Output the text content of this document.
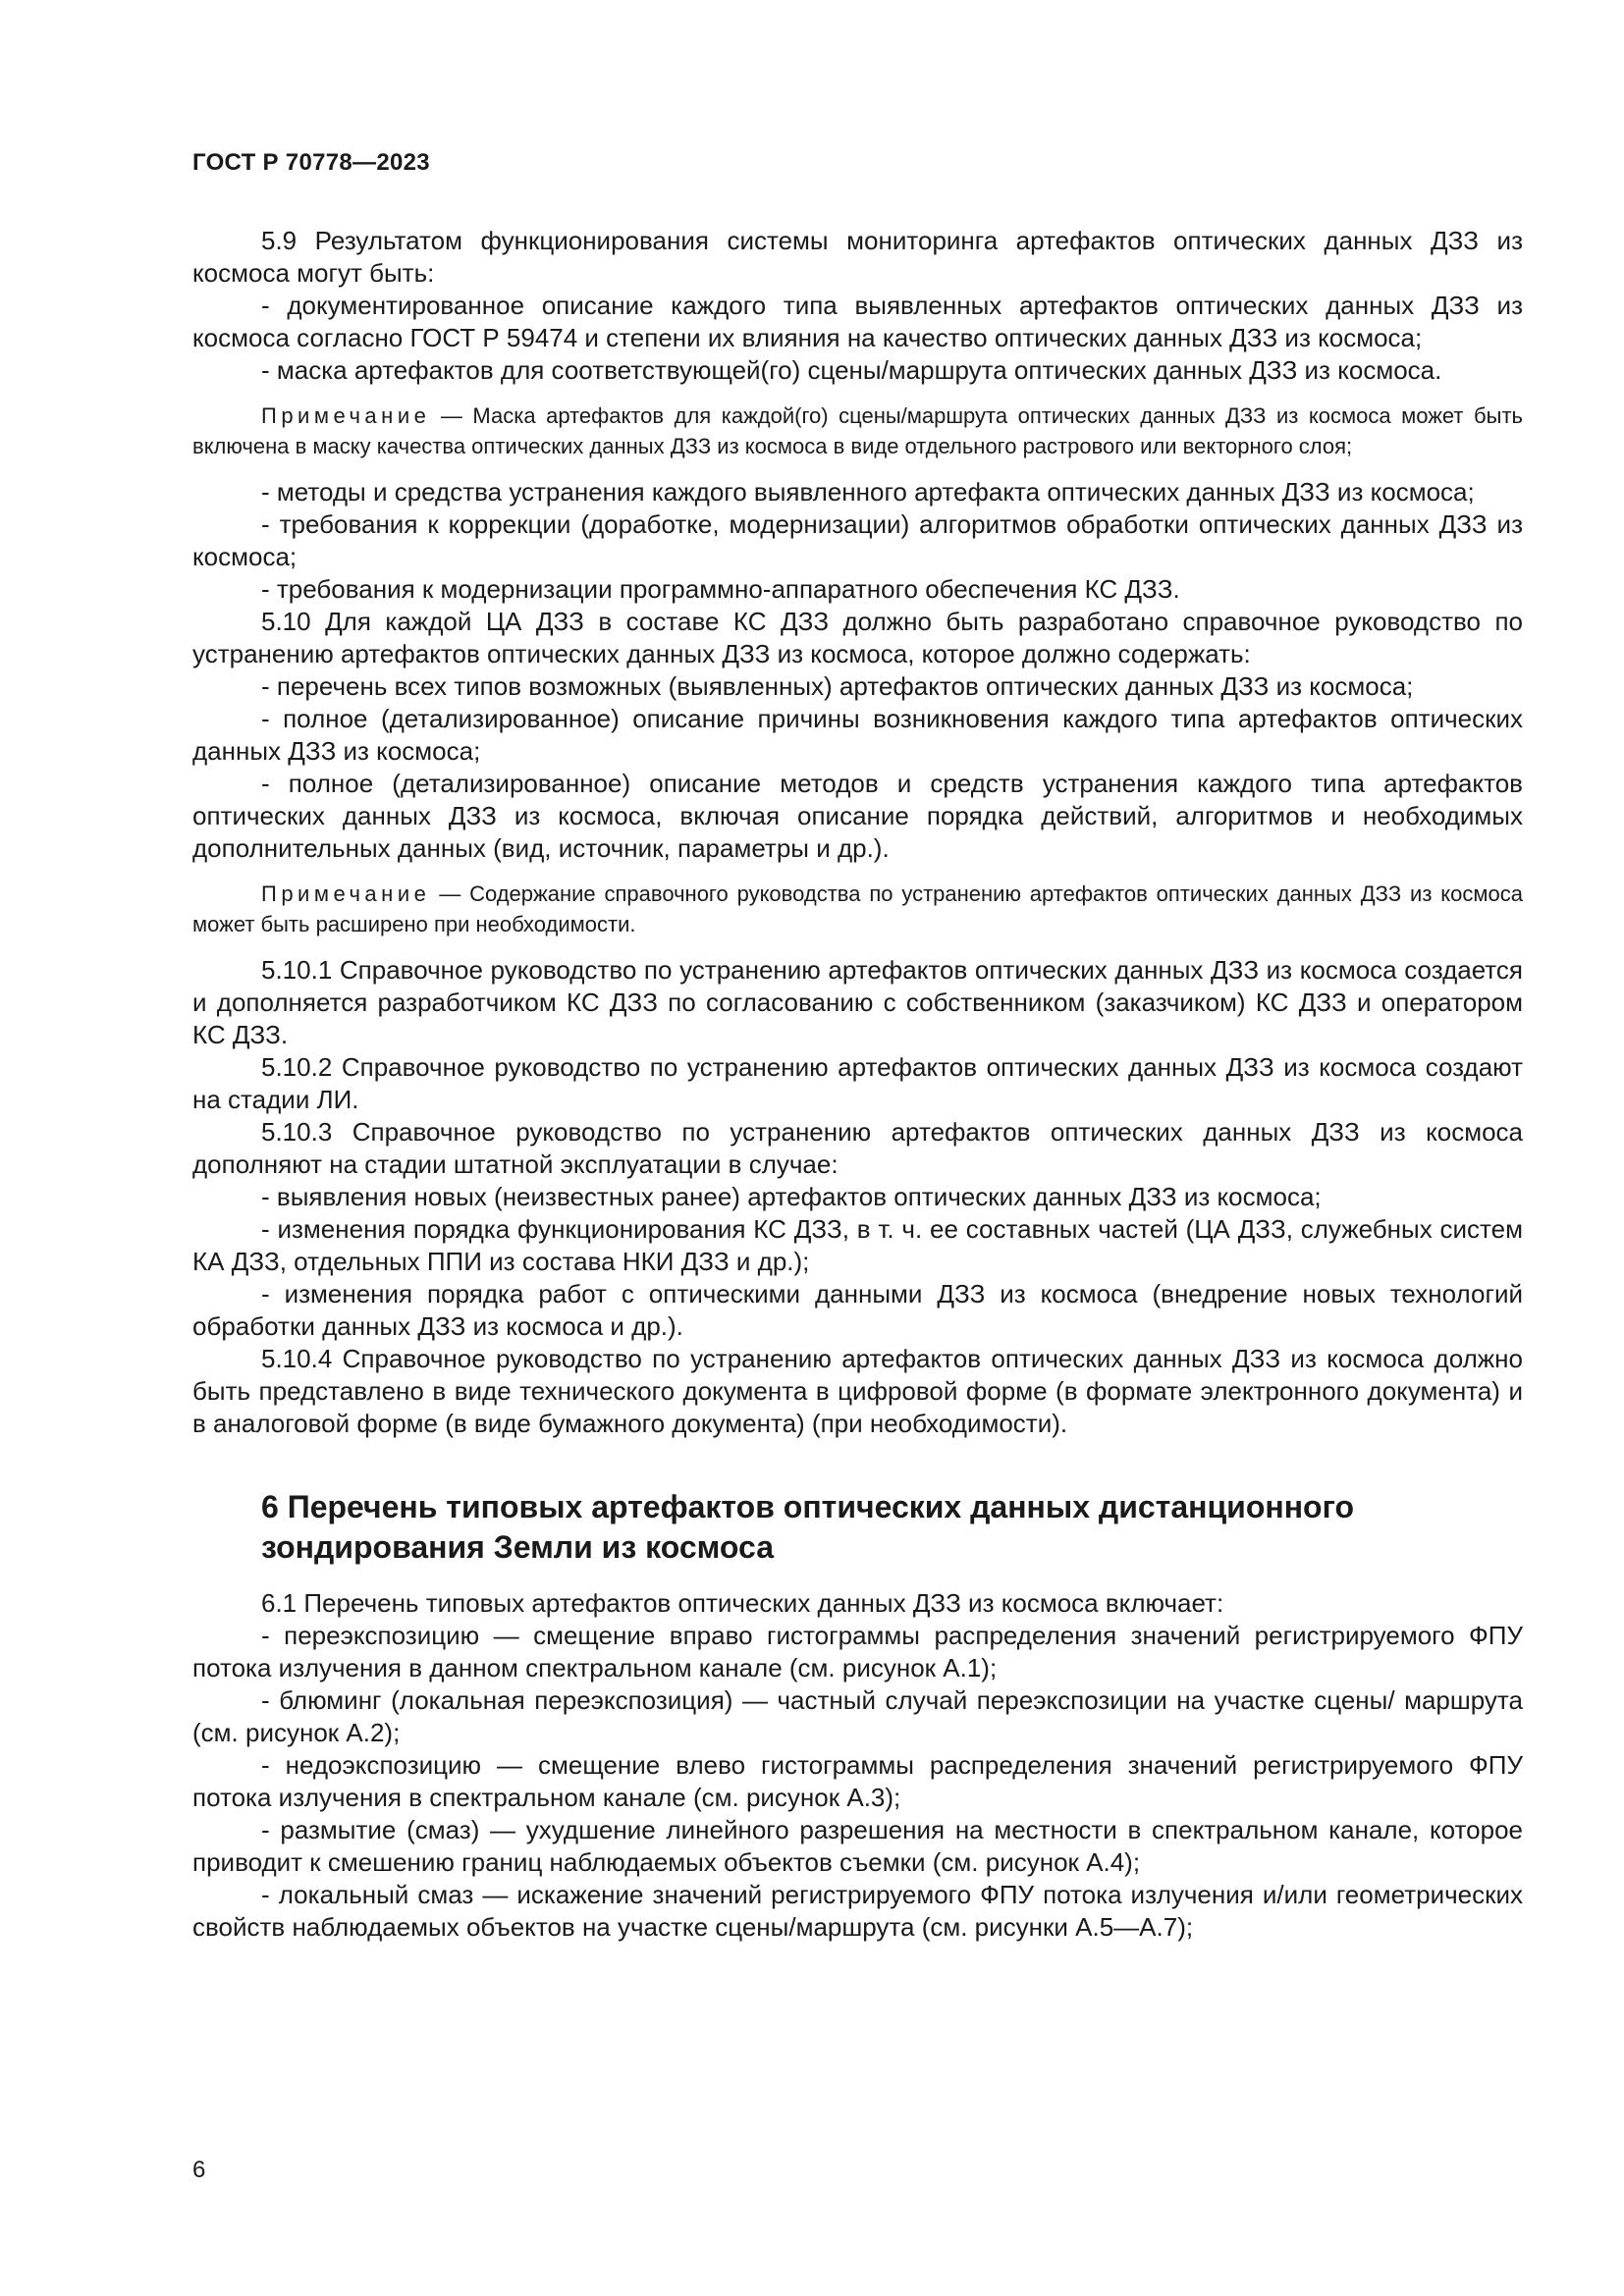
ГОСТ Р 70778—2023

5.9 Результатом функционирования системы мониторинга артефактов оптических данных ДЗЗ из космоса могут быть:

- документированное описание каждого типа выявленных артефактов оптических данных ДЗЗ из космоса согласно ГОСТ Р 59474 и степени их влияния на качество оптических данных ДЗЗ из космоса;

- маска артефактов для соответствующей(го) сцены/маршрута оптических данных ДЗЗ из космоса.

Примечание — Маска артефактов для каждой(го) сцены/маршрута оптических данных ДЗЗ из космоса может быть включена в маску качества оптических данных ДЗЗ из космоса в виде отдельного растрового или векторного слоя;

- методы и средства устранения каждого выявленного артефакта оптических данных ДЗЗ из космоса;

- требования к коррекции (доработке, модернизации) алгоритмов обработки оптических данных ДЗЗ из космоса;

- требования к модернизации программно-аппаратного обеспечения КС ДЗЗ.

5.10 Для каждой ЦА ДЗЗ в составе КС ДЗЗ должно быть разработано справочное руководство по устранению артефактов оптических данных ДЗЗ из космоса, которое должно содержать:

- перечень всех типов возможных (выявленных) артефактов оптических данных ДЗЗ из космоса;

- полное (детализированное) описание причины возникновения каждого типа артефактов оптических данных ДЗЗ из космоса;

- полное (детализированное) описание методов и средств устранения каждого типа артефактов оптических данных ДЗЗ из космоса, включая описание порядка действий, алгоритмов и необходимых дополнительных данных (вид, источник, параметры и др.).

Примечание — Содержание справочного руководства по устранению артефактов оптических данных ДЗЗ из космоса может быть расширено при необходимости.

5.10.1 Справочное руководство по устранению артефактов оптических данных ДЗЗ из космоса создается и дополняется разработчиком КС ДЗЗ по согласованию с собственником (заказчиком) КС ДЗЗ и оператором КС ДЗЗ.

5.10.2 Справочное руководство по устранению артефактов оптических данных ДЗЗ из космоса создают на стадии ЛИ.

5.10.3 Справочное руководство по устранению артефактов оптических данных ДЗЗ из космоса дополняют на стадии штатной эксплуатации в случае:

- выявления новых (неизвестных ранее) артефактов оптических данных ДЗЗ из космоса;

- изменения порядка функционирования КС ДЗЗ, в т. ч. ее составных частей (ЦА ДЗЗ, служебных систем КА ДЗЗ, отдельных ППИ из состава НКИ ДЗЗ и др.);

- изменения порядка работ с оптическими данными ДЗЗ из космоса (внедрение новых технологий обработки данных ДЗЗ из космоса и др.).

5.10.4 Справочное руководство по устранению артефактов оптических данных ДЗЗ из космоса должно быть представлено в виде технического документа в цифровой форме (в формате электронного документа) и в аналоговой форме (в виде бумажного документа) (при необходимости).

6 Перечень типовых артефактов оптических данных дистанционного
зондирования Земли из космоса

6.1 Перечень типовых артефактов оптических данных ДЗЗ из космоса включает:

- переэкспозицию — смещение вправо гистограммы распределения значений регистрируемого ФПУ потока излучения в данном спектральном канале (см. рисунок А.1);

- блюминг (локальная переэкспозиция) — частный случай переэкспозиции на участке сцены/ маршрута (см. рисунок А.2);

- недоэкспозицию — смещение влево гистограммы распределения значений регистрируемого ФПУ потока излучения в спектральном канале (см. рисунок А.3);

- размытие (смаз) — ухудшение линейного разрешения на местности в спектральном канале, которое приводит к смешению границ наблюдаемых объектов съемки (см. рисунок А.4);

- локальный смаз — искажение значений регистрируемого ФПУ потока излучения и/или геометрических свойств наблюдаемых объектов на участке сцены/маршрута (см. рисунки А.5—А.7);

6
